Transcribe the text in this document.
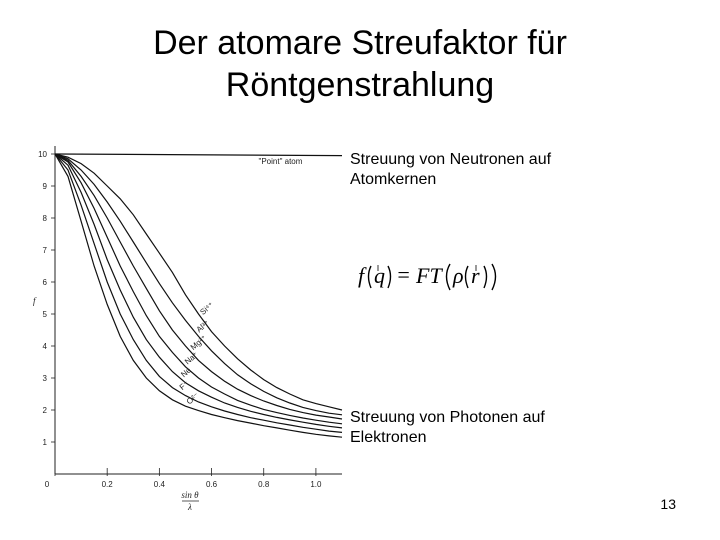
Der atomare Streufaktor für
Röntgenstrahlung
"Point" atom
Si⁴⁺
Al³⁺
Mg²⁺
Na⁺
Ne
F⁻
O²⁻
1
2
3
4
5
6
7
8
9
10
0	0.2	0.4	0.6	0.8	1.0
f
sin θ
λ
Streuung von Neutronen auf
Atomkernen
f q = FT ρ r
Streuung von Photonen auf
Elektronen
13
